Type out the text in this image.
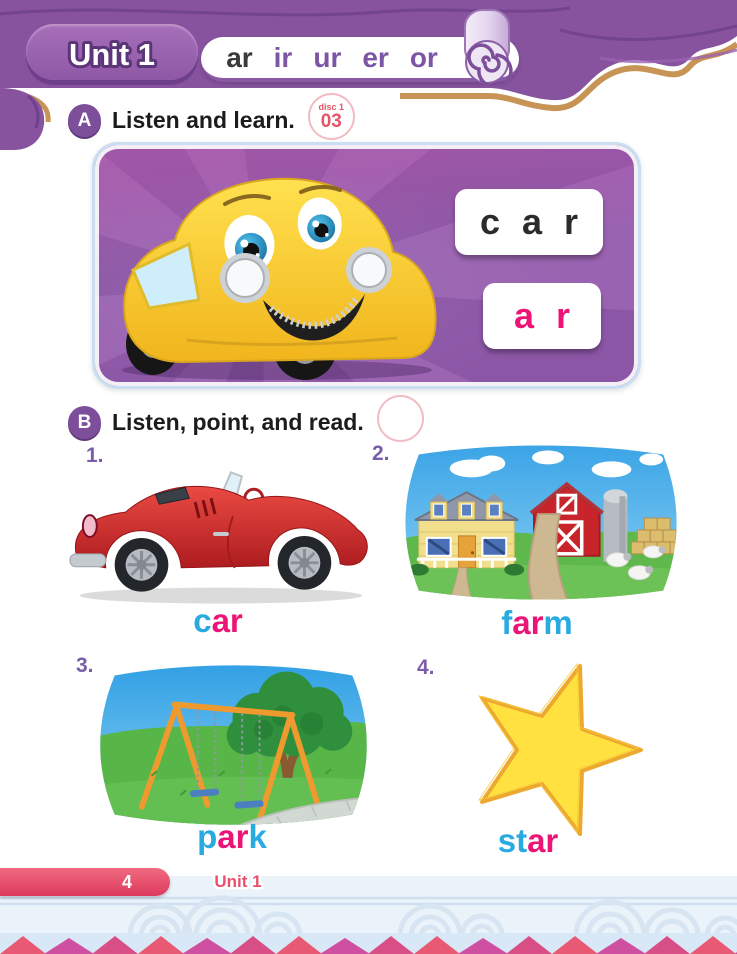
Unit 1	ar ir ur er or
A Listen and learn.
disc 1
03
c a r
a r
B Listen, point, and read.
1.
c ar
2.
f ar m
3.
p ar k
4.
st ar
4	Unit 1
